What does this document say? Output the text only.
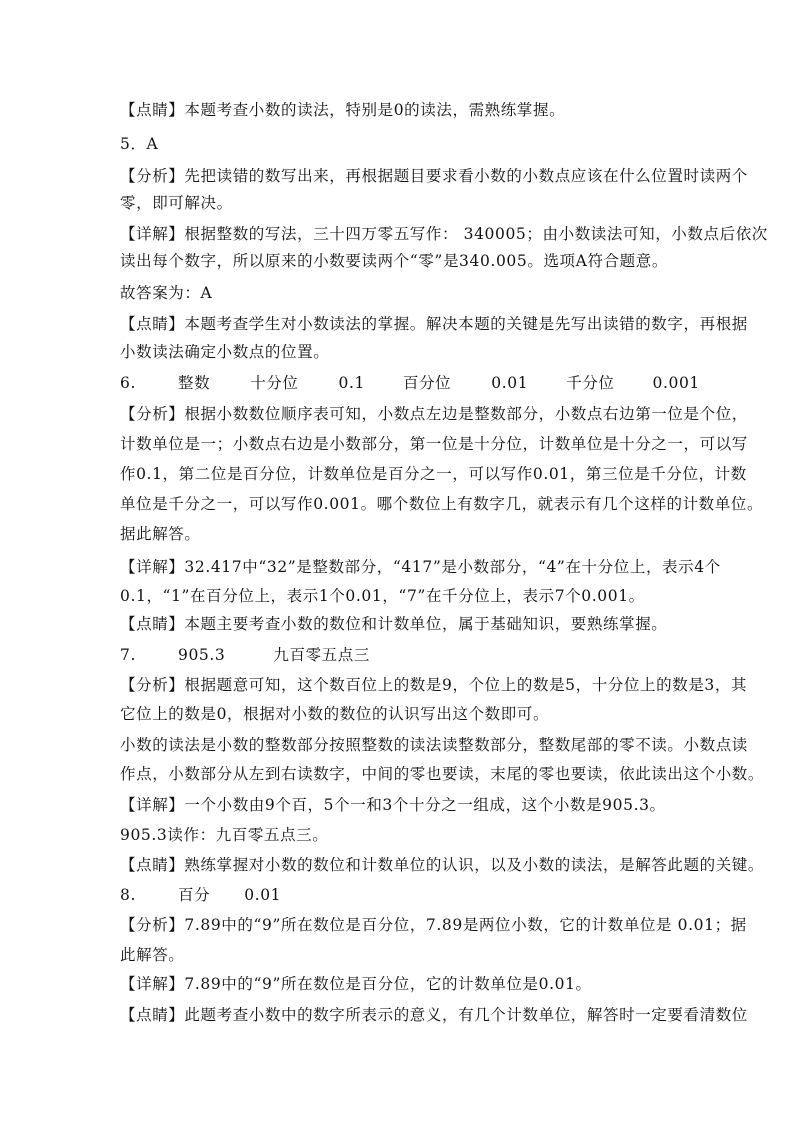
【点睛】本题考查小数的读法，特别是0的读法，需熟练掌握。
5．A
【分析】先把读错的数写出来，再根据题目要求看小数的小数点应该在什么位置时读两个
零，即可解决。
【详解】根据整数的写法，三十四万零五写作： 340005；由小数读法可知，小数点后依次
读出每个数字，所以原来的小数要读两个“零”是340.005。选项A符合题意。
故答案为：A
【点睛】本题考查学生对小数读法的掌握。解决本题的关键是先写出读错的数字，再根据
小数读法确定小数点的位置。
6.	整数	十分位	0.1 百分位	0.01 千分位 0.001
【分析】根据小数数位顺序表可知，小数点左边是整数部分，小数点右边第一位是个位，
计数单位是一；小数点右边是小数部分，第一位是十分位，计数单位是十分之一，可以写
作0.1，第二位是百分位，计数单位是百分之一，可以写作0.01，第三位是千分位，计数
单位是千分之一，可以写作0.001。哪个数位上有数字几，就表示有几个这样的计数单位。
据此解答。
【详解】32.417中“32”是整数部分，“417”是小数部分，“4”在十分位上，表示4个
0.1，“1”在百分位上，表示1个0.01，“7”在千分位上，表示7个0.001。
【点睛】本题主要考查小数的数位和计数单位，属于基础知识，要熟练掌握。
7.	905.3	九百零五点三
【分析】根据题意可知，这个数百位上的数是9，个位上的数是5，十分位上的数是3，其
它位上的数是0，根据对小数的数位的认识写出这个数即可。
小数的读法是小数的整数部分按照整数的读法读整数部分，整数尾部的零不读。小数点读
作点，小数部分从左到右读数字，中间的零也要读，末尾的零也要读，依此读出这个小数。
【详解】一个小数由9个百，5个一和3个十分之一组成，这个小数是905.3。
905.3读作：九百零五点三。
【点睛】熟练掌握对小数的数位和计数单位的认识，以及小数的读法，是解答此题的关键。
8.	百分 0.01
【分析】7.89中的“9”所在数位是百分位，7.89是两位小数，它的计数单位是 0.01；据
此解答。
【详解】7.89中的“9”所在数位是百分位，它的计数单位是0.01。
【点睛】此题考查小数中的数字所表示的意义，有几个计数单位，解答时一定要看清数位
